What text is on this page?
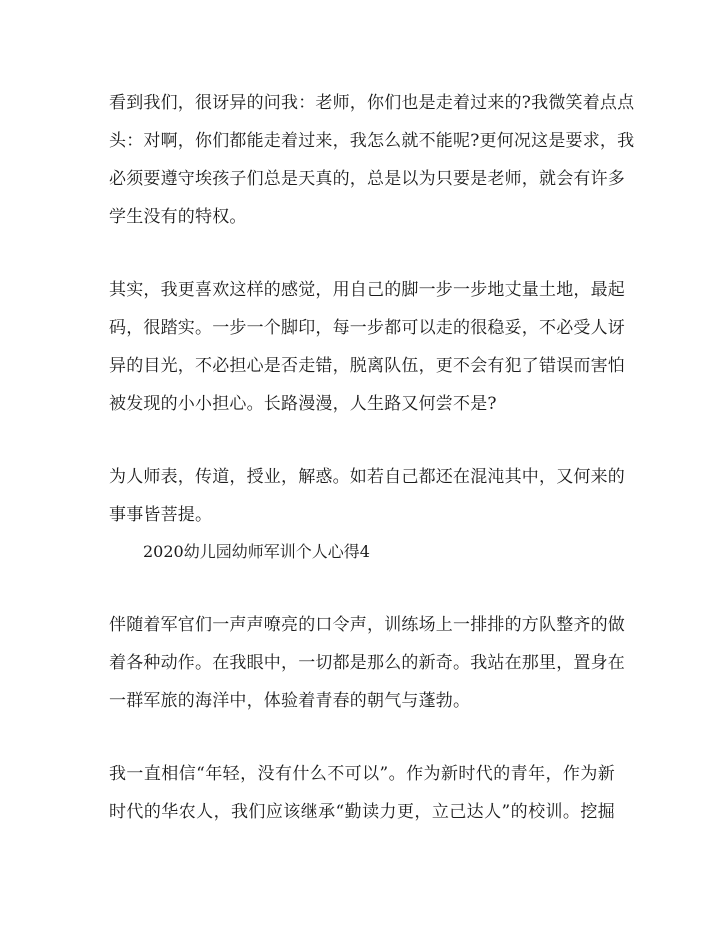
看到我们，很讶异的问我：老师，你们也是走着过来的?我微笑着点点
头：对啊，你们都能走着过来，我怎么就不能呢?更何况这是要求，我
必须要遵守埃孩子们总是天真的，总是以为只要是老师，就会有许多
学生没有的特权。
其实，我更喜欢这样的感觉，用自己的脚一步一步地丈量土地，最起
码，很踏实。一步一个脚印，每一步都可以走的很稳妥，不必受人讶
异的目光，不必担心是否走错，脱离队伍，更不会有犯了错误而害怕
被发现的小小担心。长路漫漫，人生路又何尝不是?
为人师表，传道，授业，解惑。如若自己都还在混沌其中，又何来的
事事皆菩提。
2020幼儿园幼师军训个人心得4
伴随着军官们一声声嘹亮的口令声，训练场上一排排的方队整齐的做
着各种动作。在我眼中，一切都是那么的新奇。我站在那里，置身在
一群军旅的海洋中，体验着青春的朝气与蓬勃。
我一直相信“年轻，没有什么不可以”。作为新时代的青年，作为新
时代的华农人，我们应该继承“勤读力更，立己达人”的校训。挖掘
